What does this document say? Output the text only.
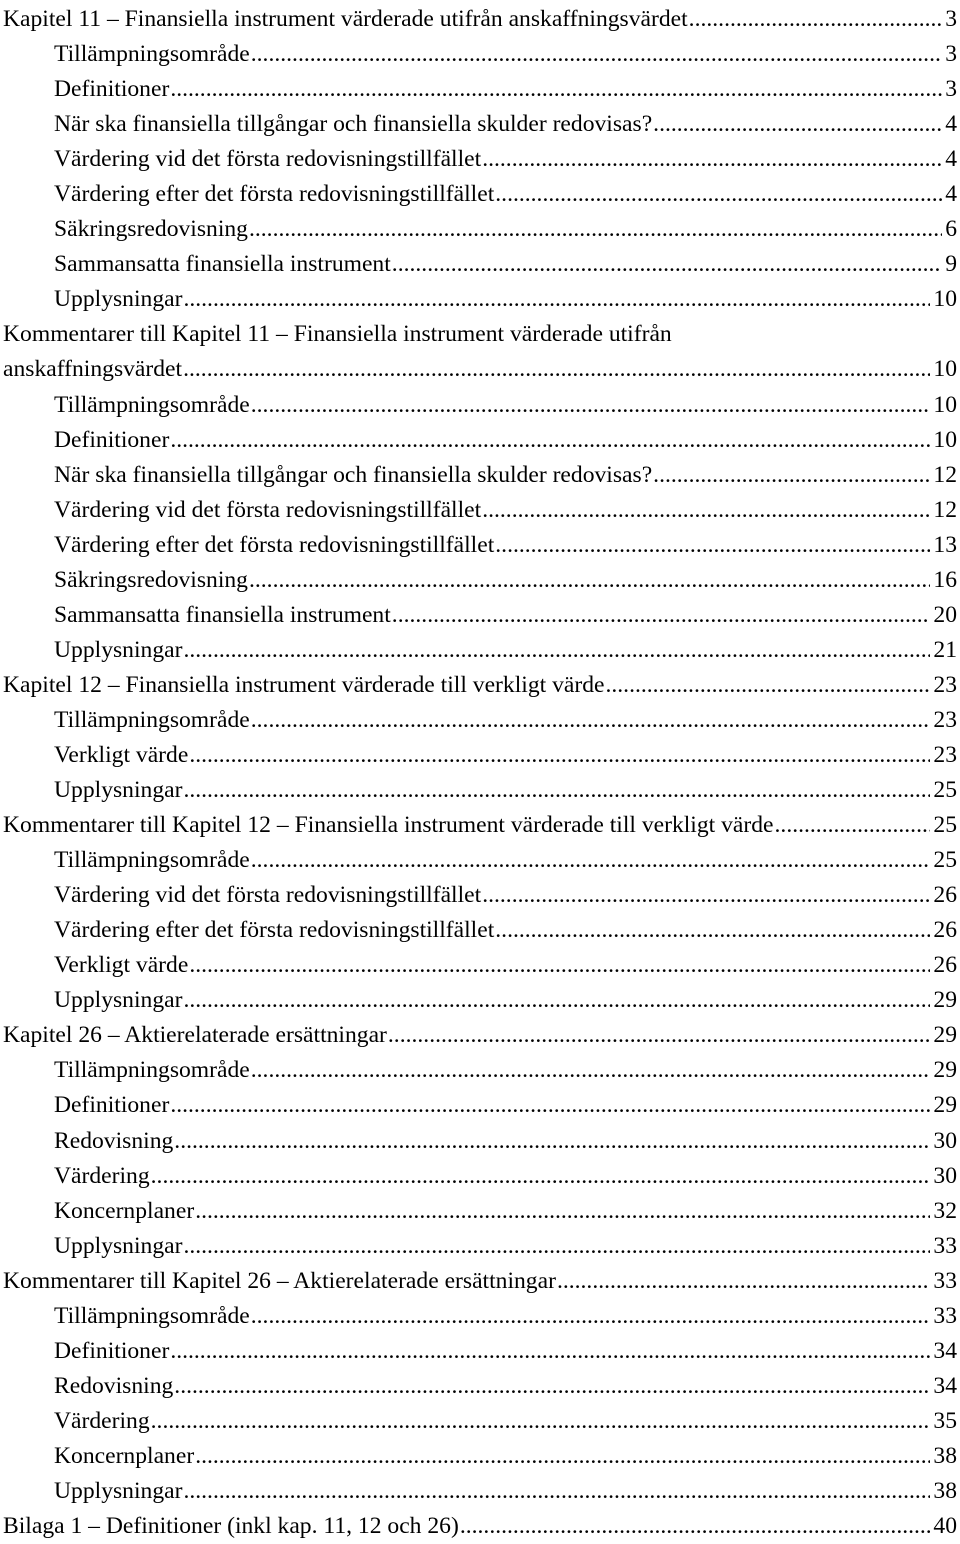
Kapitel 11 – Finansiella instrument värderade utifrån anskaffningsvärdet .....	3
Tillämpningsområde .....	3
Definitioner .....	3
När ska finansiella tillgångar och finansiella skulder redovisas? .....	4
Värdering vid det första redovisningstillfället .....	4
Värdering efter det första redovisningstillfället .....	4
Säkringsredovisning .....	6
Sammansatta finansiella instrument .....	9
Upplysningar .....	10
Kommentarer till Kapitel 11 – Finansiella instrument värderade utifrån
anskaffningsvärdet .....	10
Tillämpningsområde .....	10
Definitioner .....	10
När ska finansiella tillgångar och finansiella skulder redovisas? .....	12
Värdering vid det första redovisningstillfället .....	12
Värdering efter det första redovisningstillfället .....	13
Säkringsredovisning .....	16
Sammansatta finansiella instrument .....	20
Upplysningar .....	21
Kapitel 12 – Finansiella instrument värderade till verkligt värde .....	23
Tillämpningsområde .....	23
Verkligt värde .....	23
Upplysningar .....	25
Kommentarer till Kapitel 12 – Finansiella instrument värderade till verkligt värde .....	25
Tillämpningsområde .....	25
Värdering vid det första redovisningstillfället .....	26
Värdering efter det första redovisningstillfället .....	26
Verkligt värde .....	26
Upplysningar .....	29
Kapitel 26 – Aktierelaterade ersättningar .....	29
Tillämpningsområde .....	29
Definitioner .....	29
Redovisning .....	30
Värdering .....	30
Koncernplaner .....	32
Upplysningar .....	33
Kommentarer till Kapitel 26 – Aktierelaterade ersättningar .....	33
Tillämpningsområde .....	33
Definitioner .....	34
Redovisning .....	34
Värdering .....	35
Koncernplaner .....	38
Upplysningar .....	38
Bilaga 1 – Definitioner (inkl kap. 11, 12 och 26) .....	40
